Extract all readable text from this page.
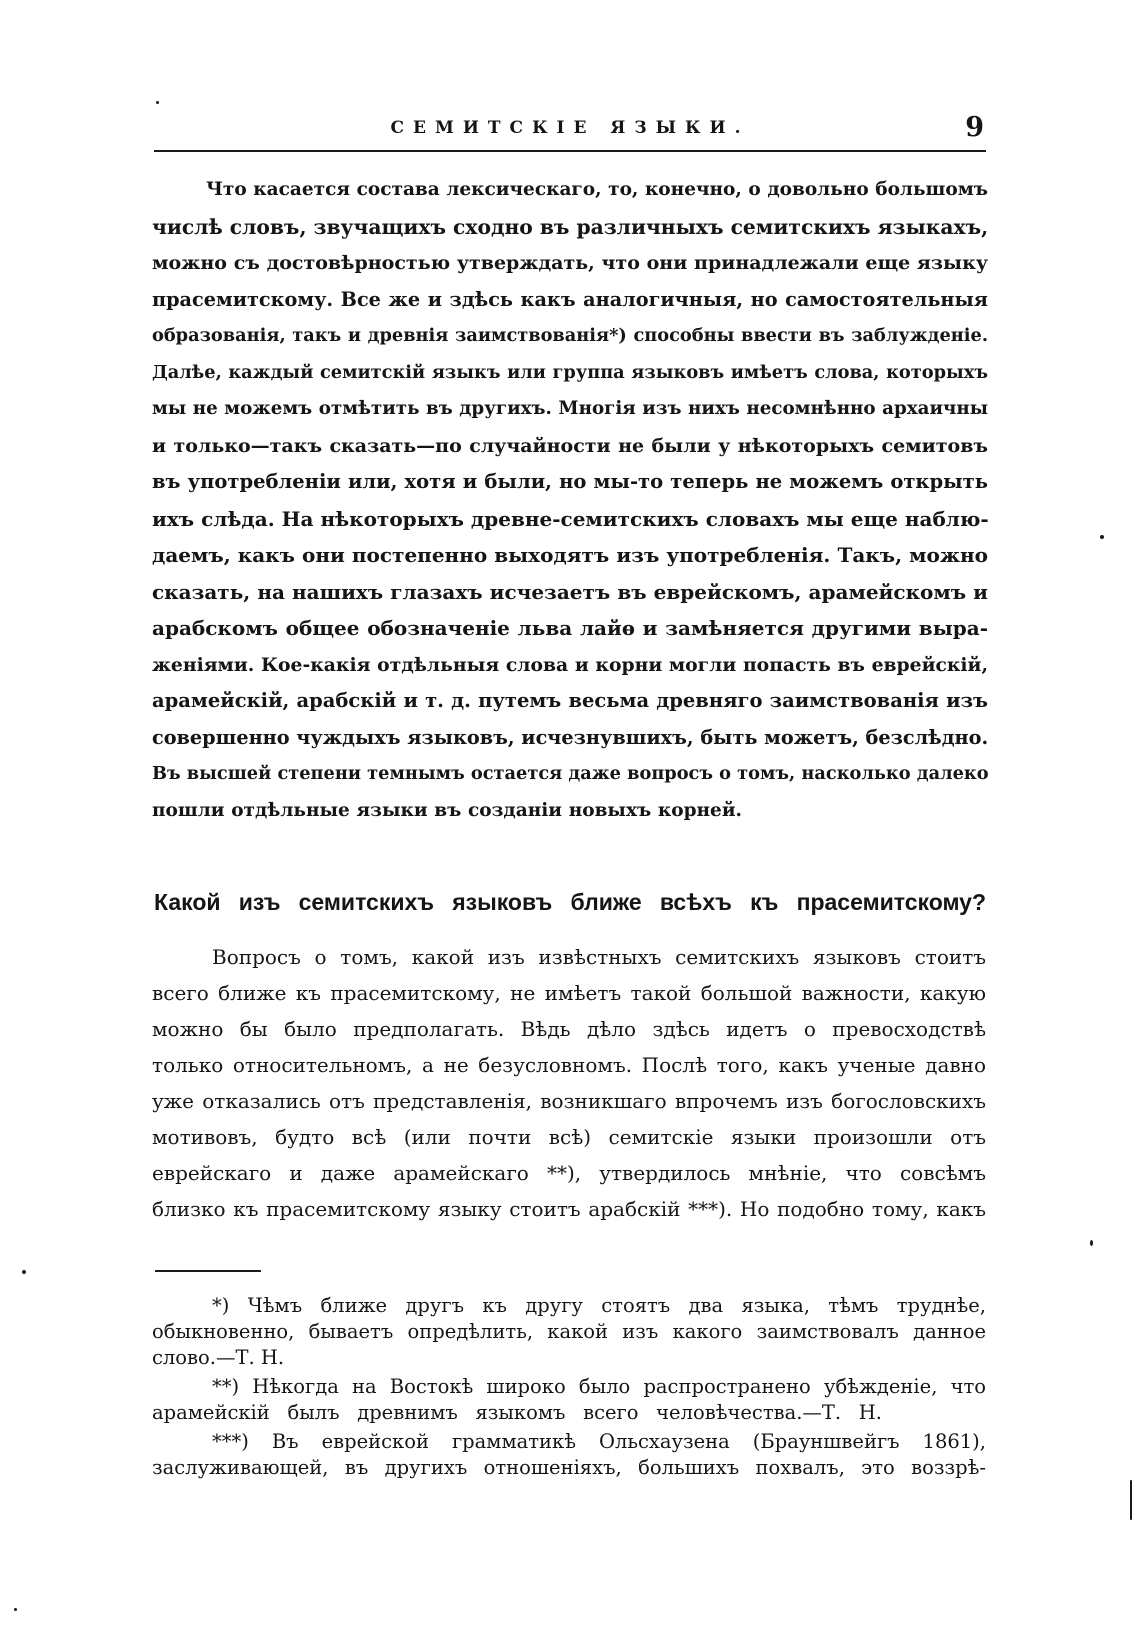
СЕМИТСКІЕ ЯЗЫКИ.	9

Что касается состава лексическаго, то, конечно, о довольно большомъ

числѣ словъ, звучащихъ сходно въ различныхъ семитскихъ языкахъ,

можно съ достовѣрностью утверждать, что они принадлежали еще языку

прасемитскому. Все же и здѣсь какъ аналогичныя, но самостоятельныя

образованія, такъ и древнія заимствованія*) способны ввести въ заблужденіе.

Далѣе, каждый семитскій языкъ или группа языковъ имѣетъ слова, которыхъ

мы не можемъ отмѣтить въ другихъ. Многія изъ нихъ несомнѣнно архаичны

и только—такъ сказать—по случайности не были у нѣкоторыхъ семитовъ

въ употребленіи или, хотя и были, но мы-то теперь не можемъ открыть

ихъ слѣда. На нѣкоторыхъ древне-семитскихъ словахъ мы еще наблю-

даемъ, какъ они постепенно выходятъ изъ употребленія. Такъ, можно

сказать, на нашихъ глазахъ исчезаетъ въ еврейскомъ, арамейскомъ и

арабскомъ общее обозначеніе льва лайѳ и замѣняется другими выра-

женіями. Кое-какія отдѣльныя слова и корни могли попасть въ еврейскій,

арамейскій, арабскій и т. д. путемъ весьма древняго заимствованія изъ

совершенно чуждыхъ языковъ, исчезнувшихъ, быть можетъ, безслѣдно.

Въ высшей степени темнымъ остается даже вопросъ о томъ, насколько далеко

пошли отдѣльные языки въ созданіи новыхъ корней.

Какой изъ семитскихъ языковъ ближе всѣхъ къ прасемитскому?

Вопросъ о томъ, какой изъ извѣстныхъ семитскихъ языковъ стоитъ

всего ближе къ прасемитскому, не имѣетъ такой большой важности, какую

можно бы было предполагать. Вѣдь дѣло здѣсь идетъ о превосходствѣ

только относительномъ, а не безусловномъ. Послѣ того, какъ ученые давно

уже отказались отъ представленія, возникшаго впрочемъ изъ богословскихъ

мотивовъ, будто всѣ (или почти всѣ) семитскіе языки произошли отъ

еврейскаго и даже арамейскаго **), утвердилось мнѣніе, что совсѣмъ

близко къ прасемитскому языку стоитъ арабскій ***). Но подобно тому, какъ

*) Чѣмъ ближе другъ къ другу стоятъ два языка, тѣмъ труднѣе,

обыкновенно, бываетъ опредѣлить, какой изъ какого заимствовалъ данное

слово.—Т. Н.

**) Нѣкогда на Востокѣ широко было распространено убѣжденіе, что

арамейскій былъ древнимъ языкомъ всего человѣчества.—Т. Н.

***) Въ еврейской грамматикѣ Ольсхаузена (Брауншвейгъ 1861),

заслуживающей, въ другихъ отношеніяхъ, большихъ похвалъ, это воззрѣ-
